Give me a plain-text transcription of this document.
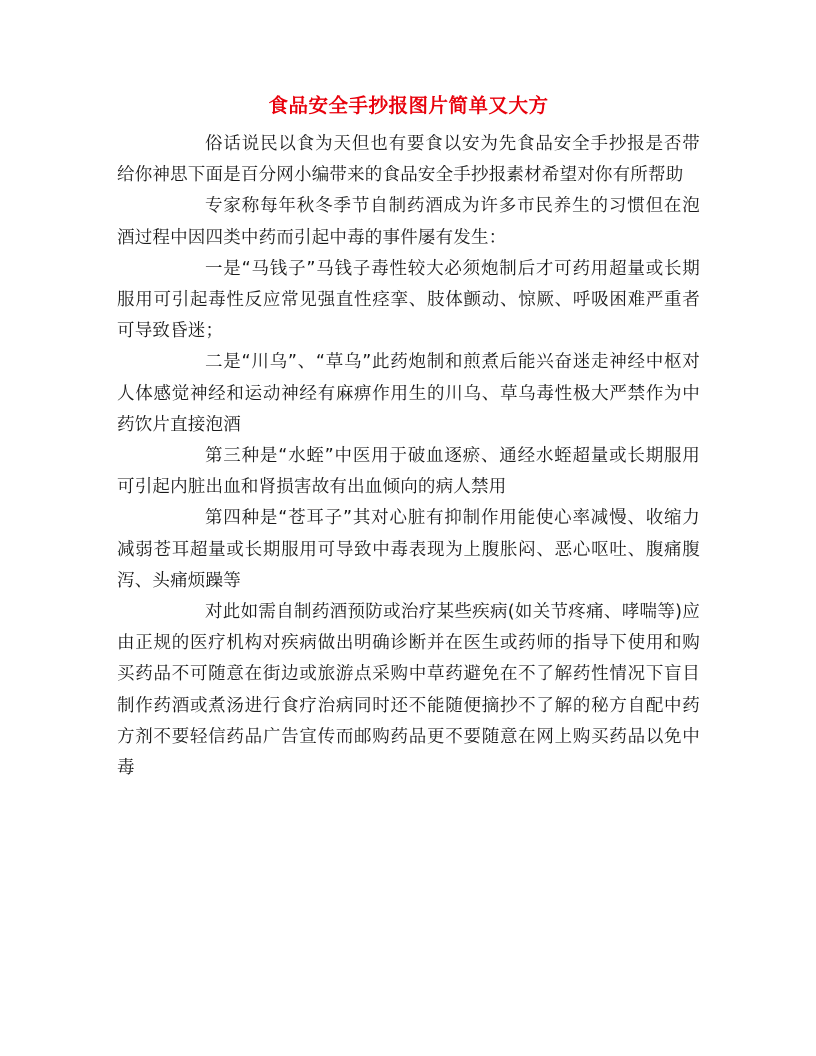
食品安全手抄报图片简单又大方

俗话说民以食为天但也有要食以安为先食品安全手抄报是否带给你神思下面是百分网小编带来的食品安全手抄报素材希望对你有所帮助

专家称每年秋冬季节自制药酒成为许多市民养生的习惯但在泡酒过程中因四类中药而引起中毒的事件屡有发生：

一是“马钱子”马钱子毒性较大必须炮制后才可药用超量或长期服用可引起毒性反应常见强直性痉挛、肢体颤动、惊厥、呼吸困难严重者可导致昏迷；

二是“川乌”、“草乌”此药炮制和煎煮后能兴奋迷走神经中枢对人体感觉神经和运动神经有麻痹作用生的川乌、草乌毒性极大严禁作为中药饮片直接泡酒

第三种是“水蛭”中医用于破血逐瘀、通经水蛭超量或长期服用可引起内脏出血和肾损害故有出血倾向的病人禁用

第四种是“苍耳子”其对心脏有抑制作用能使心率减慢、收缩力减弱苍耳超量或长期服用可导致中毒表现为上腹胀闷、恶心呕吐、腹痛腹泻、头痛烦躁等

对此如需自制药酒预防或治疗某些疾病(如关节疼痛、哮喘等)应由正规的医疗机构对疾病做出明确诊断并在医生或药师的指导下使用和购买药品不可随意在街边或旅游点采购中草药避免在不了解药性情况下盲目制作药酒或煮汤进行食疗治病同时还不能随便摘抄不了解的秘方自配中药方剂不要轻信药品广告宣传而邮购药品更不要随意在网上购买药品以免中毒
